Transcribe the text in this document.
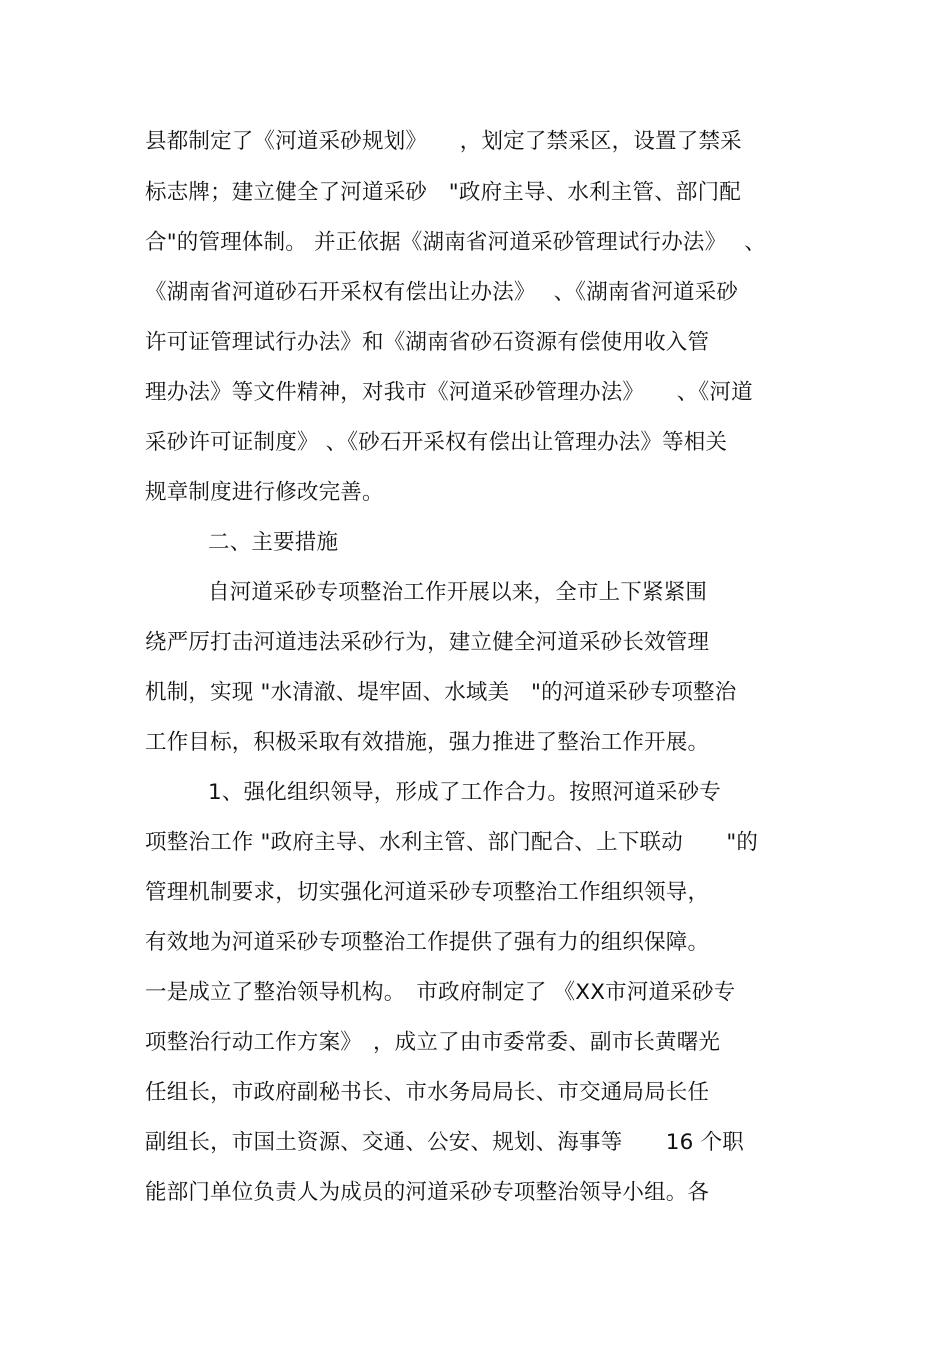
县都制定了《河道采砂规划》　　，划定了禁采区，设置了禁采
标志牌；建立健全了河道采砂　"政府主导、水利主管、部门配
合"的管理体制。 并正依据《湖南省河道采砂管理试行办法》　 、
《湖南省河道砂石开采权有偿出让办法》　 、《湖南省河道采砂
许可证管理试行办法》和《湖南省砂石资源有偿使用收入管
理办法》等文件精神，对我市《河道采砂管理办法》　　、《河道
采砂许可证制度》 、《砂石开采权有偿出让管理办法》等相关
规章制度进行修改完善。
二、主要措施
自河道采砂专项整治工作开展以来，全市上下紧紧围
绕严厉打击河道违法采砂行为，建立健全河道采砂长效管理
机制，实现 "水清澈、堤牢固、水域美　"的河道采砂专项整治
工作目标，积极采取有效措施，强力推进了整治工作开展。
1、强化组织领导，形成了工作合力。按照河道采砂专
项整治工作 "政府主导、水利主管、部门配合、上下联动　　"的
管理机制要求，切实强化河道采砂专项整治工作组织领导，
有效地为河道采砂专项整治工作提供了强有力的组织保障。
一是成立了整治领导机构。　市政府制定了 《XX市河道采砂专
项整治行动工作方案》　，成立了由市委常委、副市长黄曙光
任组长，市政府副秘书长、市水务局局长、市交通局局长任
副组长，市国土资源、交通、公安、规划、海事等　　16 个职
能部门单位负责人为成员的河道采砂专项整治领导小组。各
